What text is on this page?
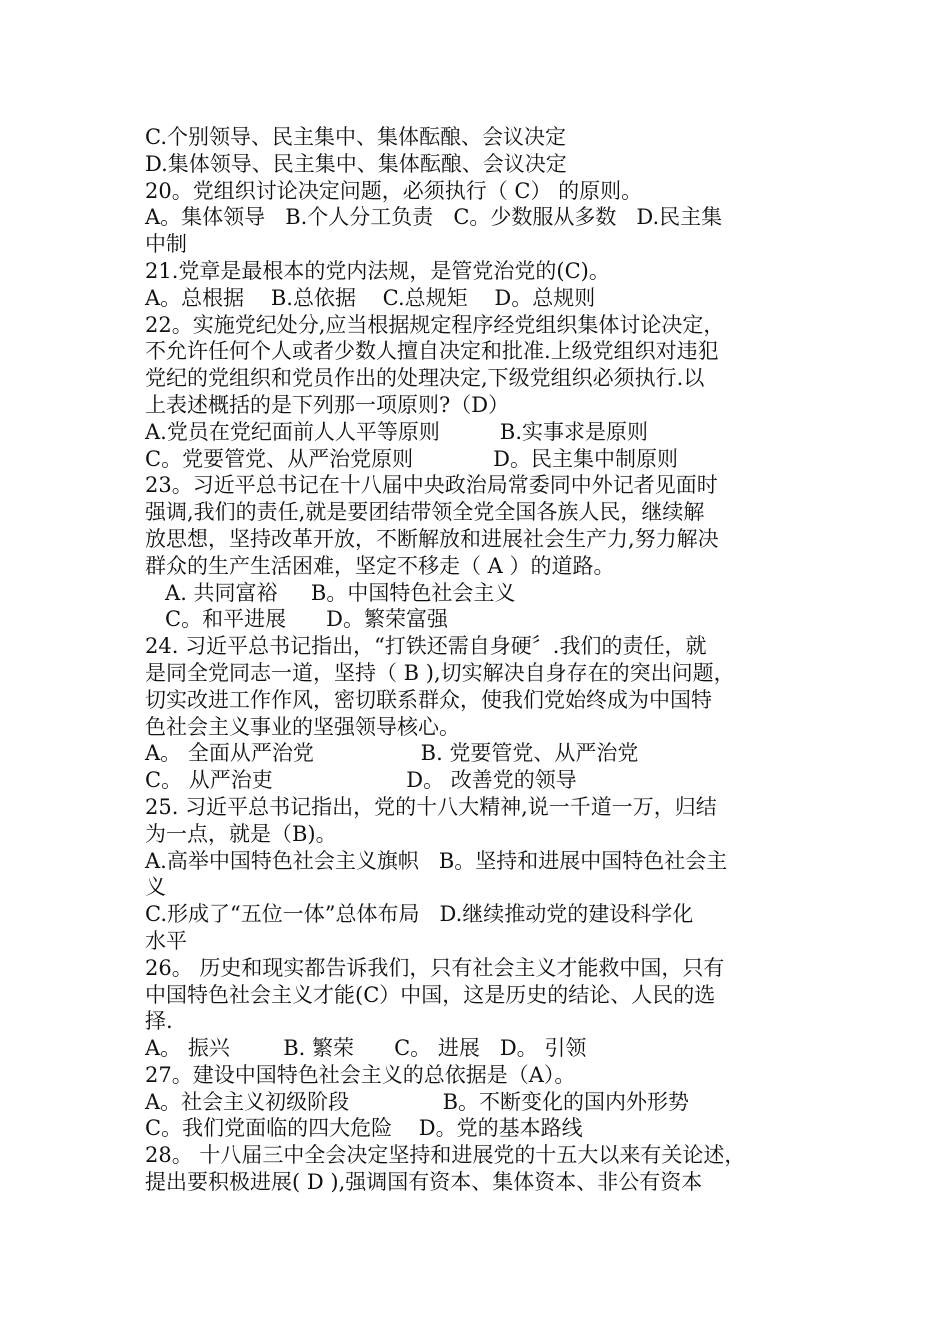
C.个别领导、民主集中、集体酝酿、会议决定
D.集体领导、民主集中、集体酝酿、会议决定
20。党组织讨论决定问题，必须执行（ C） 的原则。
A。集体领导   B.个人分工负责   C。少数服从多数   D.民主集
中制
21.党章是最根本的党内法规，是管党治党的(C)。
A。总根据    B.总依据    C.总规矩    D。总规则
22。实施党纪处分,应当根据规定程序经党组织集体讨论决定，
不允许任何个人或者少数人擅自决定和批准.上级党组织对违犯
党纪的党组织和党员作出的处理决定,下级党组织必须执行.以
上表述概括的是下列那一项原则?（D）
A.党员在党纪面前人人平等原则         B.实事求是原则
C。党要管党、从严治党原则            D。民主集中制原则
23。习近平总书记在十八届中央政治局常委同中外记者见面时
强调,我们的责任,就是要团结带领全党全国各族人民，继续解
放思想，坚持改革开放，不断解放和进展社会生产力,努力解决
群众的生产生活困难，坚定不移走（ A ）的道路。
A. 共同富裕     B。中国特色社会主义
C。和平进展      D。繁荣富强
24. 习近平总书记指出，“打铁还需自身硬〞.我们的责任，就
是同全党同志一道，坚持（ B ),切实解决自身存在的突出问题，
切实改进工作作风，密切联系群众，使我们党始终成为中国特
色社会主义事业的坚强领导核心。
A。 全面从严治党                B. 党要管党、从严治党
C。 从严治吏                    D。 改善党的领导
25. 习近平总书记指出，党的十八大精神,说一千道一万，归结
为一点，就是（B)。
A.高举中国特色社会主义旗帜   B。坚持和进展中国特色社会主
义
C.形成了“五位一体”总体布局   D.继续推动党的建设科学化
水平
26。 历史和现实都告诉我们，只有社会主义才能救中国，只有
中国特色社会主义才能(C）中国，这是历史的结论、人民的选
择.
A。 振兴        B. 繁荣      C。 进展   D。 引领
27。建设中国特色社会主义的总依据是（A）。
A。社会主义初级阶段              B。不断变化的国内外形势
C。我们党面临的四大危险    D。党的基本路线
28。 十八届三中全会决定坚持和进展党的十五大以来有关论述，
提出要积极进展( D ),强调国有资本、集体资本、非公有资本
